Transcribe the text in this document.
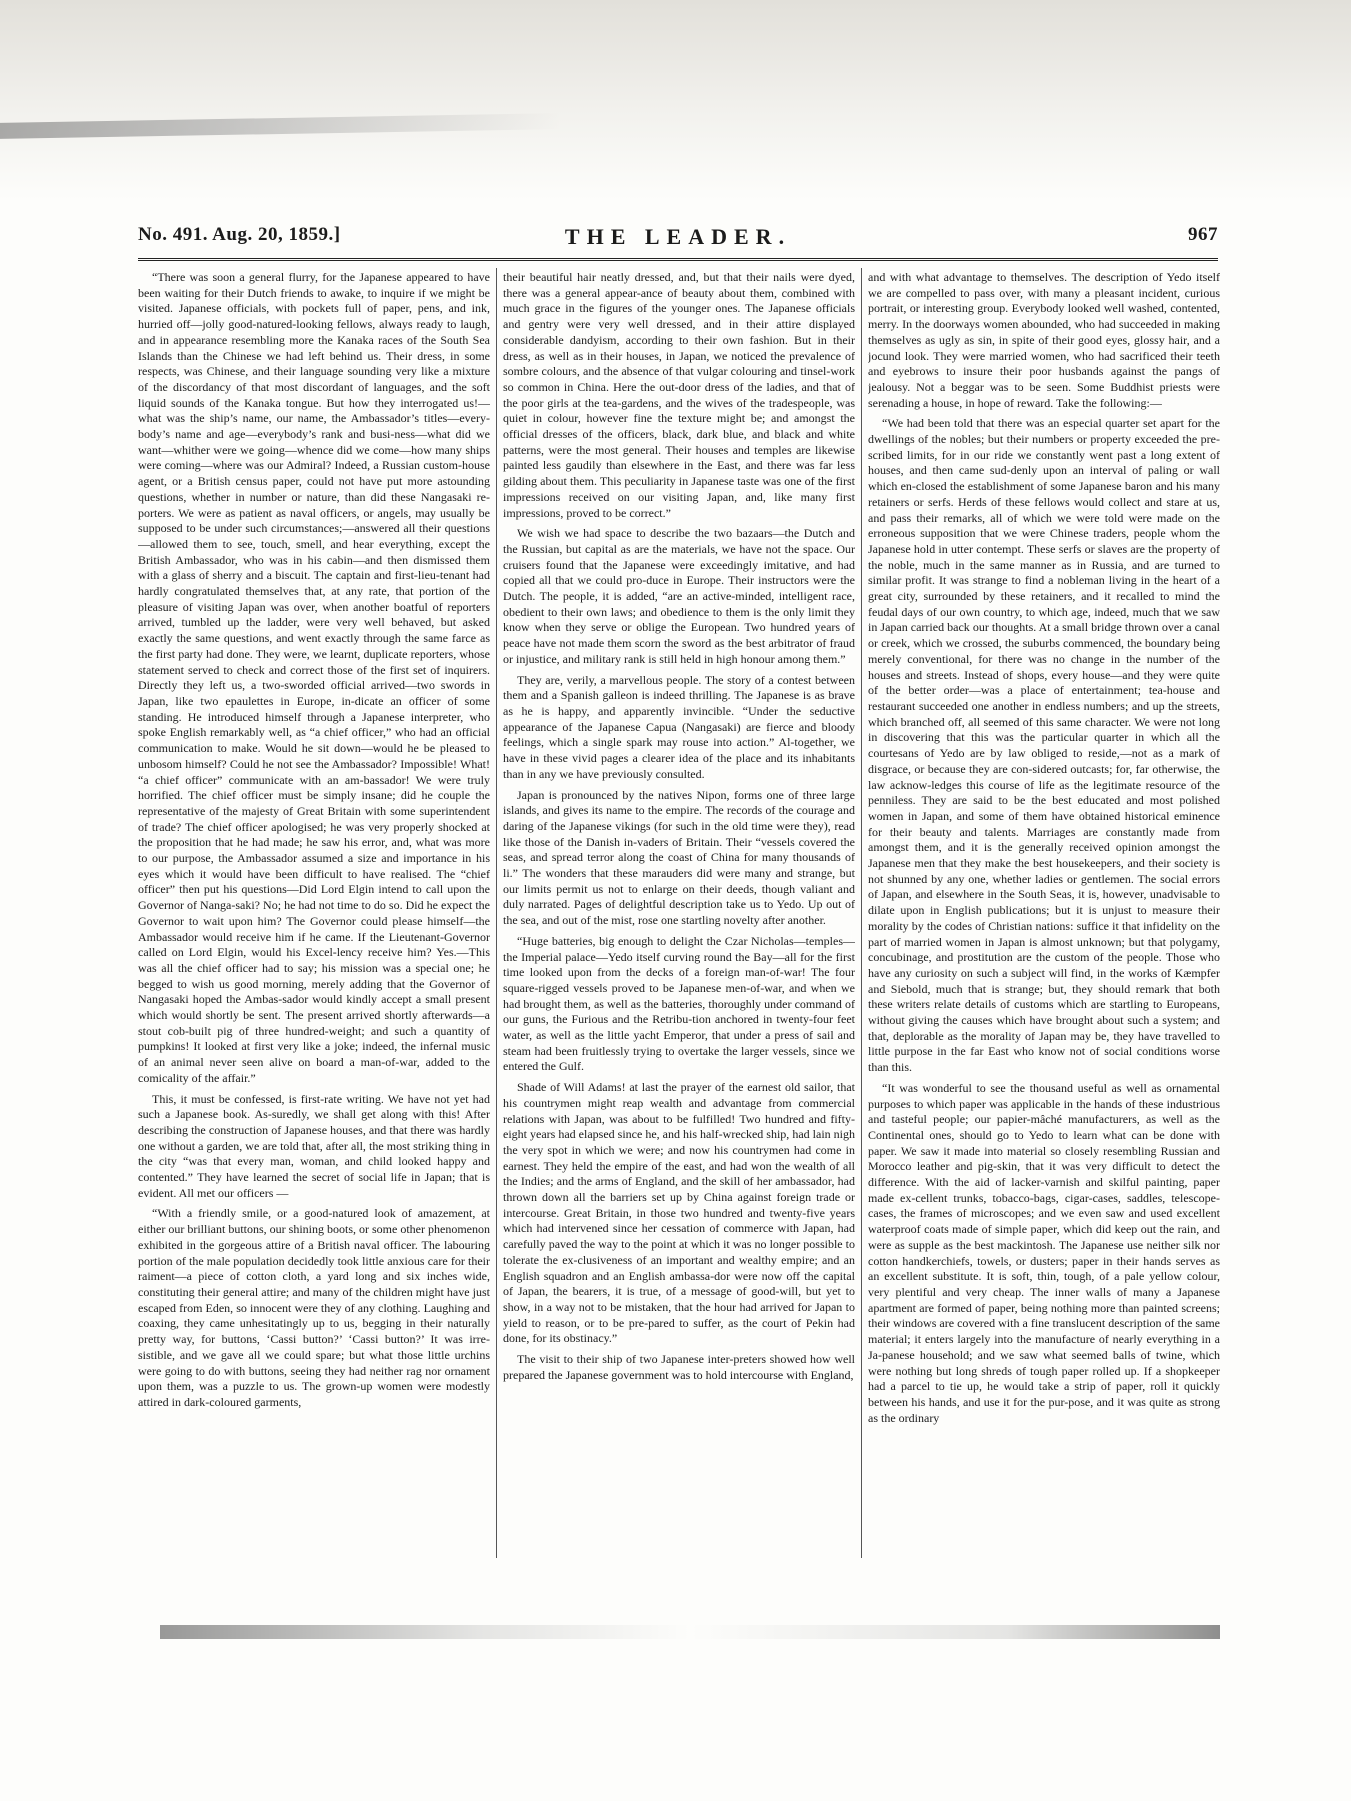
THE LEADER.
No. 491. Aug. 20, 1859.]	967

“There was soon a general flurry, for the Japanese appeared to have been waiting for their Dutch friends to awake, to inquire if we might be visited. Japanese officials, with pockets full of paper, pens, and ink, hurried off—jolly good-natured-looking fellows, always ready to laugh, and in appearance resembling more the Kanaka races of the South Sea Islands than the Chinese we had left behind us. Their dress, in some respects, was Chinese, and their language sounding very like a mixture of the discordancy of that most discordant of languages, and the soft liquid sounds of the Kanaka tongue. But how they interrogated us!—what was the ship’s name, our name, the Ambassador’s titles—every-body’s name and age—everybody’s rank and busi-ness—what did we want—whither were we going—whence did we come—how many ships were coming—where was our Admiral? Indeed, a Russian custom-house agent, or a British census paper, could not have put more astounding questions, whether in number or nature, than did these Nangasaki re-porters. We were as patient as naval officers, or angels, may usually be supposed to be under such circumstances;—answered all their questions—allowed them to see, touch, smell, and hear everything, except the British Ambassador, who was in his cabin—and then dismissed them with a glass of sherry and a biscuit. The captain and first-lieu-tenant had hardly congratulated themselves that, at any rate, that portion of the pleasure of visiting Japan was over, when another boatful of reporters arrived, tumbled up the ladder, were very well behaved, but asked exactly the same questions, and went exactly through the same farce as the first party had done. They were, we learnt, duplicate reporters, whose statement served to check and correct those of the first set of inquirers. Directly they left us, a two-sworded official arrived—two swords in Japan, like two epaulettes in Europe, in-dicate an officer of some standing. He introduced himself through a Japanese interpreter, who spoke English remarkably well, as “a chief officer,” who had an official communication to make. Would he sit down—would he be pleased to unbosom himself? Could he not see the Ambassador? Impossible! What! “a chief officer” communicate with an am-bassador! We were truly horrified. The chief officer must be simply insane; did he couple the representative of the majesty of Great Britain with some superintendent of trade? The chief officer apologised; he was very properly shocked at the proposition that he had made; he saw his error, and, what was more to our purpose, the Ambassador assumed a size and importance in his eyes which it would have been difficult to have realised. The “chief officer” then put his questions—Did Lord Elgin intend to call upon the Governor of Nanga-saki? No; he had not time to do so. Did he expect the Governor to wait upon him? The Governor could please himself—the Ambassador would receive him if he came. If the Lieutenant-Governor called on Lord Elgin, would his Excel-lency receive him? Yes.—This was all the chief officer had to say; his mission was a special one; he begged to wish us good morning, merely adding that the Governor of Nangasaki hoped the Ambas-sador would kindly accept a small present which would shortly be sent. The present arrived shortly afterwards—a stout cob-built pig of three hundred-weight; and such a quantity of pumpkins! It looked at first very like a joke; indeed, the infernal music of an animal never seen alive on board a man-of-war, added to the comicality of the affair.”

This, it must be confessed, is first-rate writing. We have not yet had such a Japanese book. As-suredly, we shall get along with this! After describing the construction of Japanese houses, and that there was hardly one without a garden, we are told that, after all, the most striking thing in the city “was that every man, woman, and child looked happy and contented.” They have learned the secret of social life in Japan; that is evident. All met our officers —

“With a friendly smile, or a good-natured look of amazement, at either our brilliant buttons, our shining boots, or some other phenomenon exhibited in the gorgeous attire of a British naval officer. The labouring portion of the male population decidedly took little anxious care for their raiment—a piece of cotton cloth, a yard long and six inches wide, constituting their general attire; and many of the children might have just escaped from Eden, so innocent were they of any clothing. Laughing and coaxing, they came unhesitatingly up to us, begging in their naturally pretty way, for buttons, ‘Cassi button?’ ‘Cassi button?’ It was irre-sistible, and we gave all we could spare; but what those little urchins were going to do with buttons, seeing they had neither rag nor ornament upon them, was a puzzle to us. The grown-up women were modestly attired in dark-coloured garments,

their beautiful hair neatly dressed, and, but that their nails were dyed, there was a general appear-ance of beauty about them, combined with much grace in the figures of the younger ones. The Japanese officials and gentry were very well dressed, and in their attire displayed considerable dandyism, according to their own fashion. But in their dress, as well as in their houses, in Japan, we noticed the prevalence of sombre colours, and the absence of that vulgar colouring and tinsel-work so common in China. Here the out-door dress of the ladies, and that of the poor girls at the tea-gardens, and the wives of the tradespeople, was quiet in colour, however fine the texture might be; and amongst the official dresses of the officers, black, dark blue, and black and white patterns, were the most general. Their houses and temples are likewise painted less gaudily than elsewhere in the East, and there was far less gilding about them. This peculiarity in Japanese taste was one of the first impressions received on our visiting Japan, and, like many first impressions, proved to be correct.”

We wish we had space to describe the two bazaars—the Dutch and the Russian, but capital as are the materials, we have not the space. Our cruisers found that the Japanese were exceedingly imitative, and had copied all that we could pro-duce in Europe. Their instructors were the Dutch. The people, it is added, “are an active-minded, intelligent race, obedient to their own laws; and obedience to them is the only limit they know when they serve or oblige the European. Two hundred years of peace have not made them scorn the sword as the best arbitrator of fraud or injustice, and military rank is still held in high honour among them.”

They are, verily, a marvellous people. The story of a contest between them and a Spanish galleon is indeed thrilling. The Japanese is as brave as he is happy, and apparently invincible. “Under the seductive appearance of the Japanese Capua (Nangasaki) are fierce and bloody feelings, which a single spark may rouse into action.” Al-together, we have in these vivid pages a clearer idea of the place and its inhabitants than in any we have previously consulted.

Japan is pronounced by the natives Nipon, forms one of three large islands, and gives its name to the empire. The records of the courage and daring of the Japanese vikings (for such in the old time were they), read like those of the Danish in-vaders of Britain. Their “vessels covered the seas, and spread terror along the coast of China for many thousands of li.” The wonders that these marauders did were many and strange, but our limits permit us not to enlarge on their deeds, though valiant and duly narrated. Pages of delightful description take us to Yedo. Up out of the sea, and out of the mist, rose one startling novelty after another.

“Huge batteries, big enough to delight the Czar Nicholas—temples—the Imperial palace—Yedo itself curving round the Bay—all for the first time looked upon from the decks of a foreign man-of-war! The four square-rigged vessels proved to be Japanese men-of-war, and when we had brought them, as well as the batteries, thoroughly under command of our guns, the Furious and the Retribu-tion anchored in twenty-four feet water, as well as the little yacht Emperor, that under a press of sail and steam had been fruitlessly trying to overtake the larger vessels, since we entered the Gulf.

Shade of Will Adams! at last the prayer of the earnest old sailor, that his countrymen might reap wealth and advantage from commercial relations with Japan, was about to be fulfilled! Two hundred and fifty-eight years had elapsed since he, and his half-wrecked ship, had lain nigh the very spot in which we were; and now his countrymen had come in earnest. They held the empire of the east, and had won the wealth of all the Indies; and the arms of England, and the skill of her ambassador, had thrown down all the barriers set up by China against foreign trade or intercourse. Great Britain, in those two hundred and twenty-five years which had intervened since her cessation of commerce with Japan, had carefully paved the way to the point at which it was no longer possible to tolerate the ex-clusiveness of an important and wealthy empire; and an English squadron and an English ambassa-dor were now off the capital of Japan, the bearers, it is true, of a message of good-will, but yet to show, in a way not to be mistaken, that the hour had arrived for Japan to yield to reason, or to be pre-pared to suffer, as the court of Pekin had done, for its obstinacy.”

The visit to their ship of two Japanese inter-preters showed how well prepared the Japanese government was to hold intercourse with England,

and with what advantage to themselves. The description of Yedo itself we are compelled to pass over, with many a pleasant incident, curious portrait, or interesting group. Everybody looked well washed, contented, merry. In the doorways women abounded, who had succeeded in making themselves as ugly as sin, in spite of their good eyes, glossy hair, and a jocund look. They were married women, who had sacrificed their teeth and eyebrows to insure their poor husbands against the pangs of jealousy. Not a beggar was to be seen. Some Buddhist priests were serenading a house, in hope of reward. Take the following:—

“We had been told that there was an especial quarter set apart for the dwellings of the nobles; but their numbers or property exceeded the pre-scribed limits, for in our ride we constantly went past a long extent of houses, and then came sud-denly upon an interval of paling or wall which en-closed the establishment of some Japanese baron and his many retainers or serfs. Herds of these fellows would collect and stare at us, and pass their remarks, all of which we were told were made on the erroneous supposition that we were Chinese traders, people whom the Japanese hold in utter contempt. These serfs or slaves are the property of the noble, much in the same manner as in Russia, and are turned to similar profit. It was strange to find a nobleman living in the heart of a great city, surrounded by these retainers, and it recalled to mind the feudal days of our own country, to which age, indeed, much that we saw in Japan carried back our thoughts. At a small bridge thrown over a canal or creek, which we crossed, the suburbs commenced, the boundary being merely conventional, for there was no change in the number of the houses and streets. Instead of shops, every house—and they were quite of the better order—was a place of entertainment; tea-house and restaurant succeeded one another in endless numbers; and up the streets, which branched off, all seemed of this same character. We were not long in discovering that this was the particular quarter in which all the courtesans of Yedo are by law obliged to reside,—not as a mark of disgrace, or because they are con-sidered outcasts; for, far otherwise, the law acknow-ledges this course of life as the legitimate resource of the penniless. They are said to be the best educated and most polished women in Japan, and some of them have obtained historical eminence for their beauty and talents. Marriages are constantly made from amongst them, and it is the generally received opinion amongst the Japanese men that they make the best housekeepers, and their society is not shunned by any one, whether ladies or gentlemen. The social errors of Japan, and elsewhere in the South Seas, it is, however, unadvisable to dilate upon in English publications; but it is unjust to measure their morality by the codes of Christian nations: suffice it that infidelity on the part of married women in Japan is almost unknown; but that polygamy, concubinage, and prostitution are the custom of the people. Those who have any curiosity on such a subject will find, in the works of Kæmpfer and Siebold, much that is strange; but, they should remark that both these writers relate details of customs which are startling to Europeans, without giving the causes which have brought about such a system; and that, deplorable as the morality of Japan may be, they have travelled to little purpose in the far East who know not of social conditions worse than this.

“It was wonderful to see the thousand useful as well as ornamental purposes to which paper was applicable in the hands of these industrious and tasteful people; our papier-mâché manufacturers, as well as the Continental ones, should go to Yedo to learn what can be done with paper. We saw it made into material so closely resembling Russian and Morocco leather and pig-skin, that it was very difficult to detect the difference. With the aid of lacker-varnish and skilful painting, paper made ex-cellent trunks, tobacco-bags, cigar-cases, saddles, telescope-cases, the frames of microscopes; and we even saw and used excellent waterproof coats made of simple paper, which did keep out the rain, and were as supple as the best mackintosh. The Japanese use neither silk nor cotton handkerchiefs, towels, or dusters; paper in their hands serves as an excellent substitute. It is soft, thin, tough, of a pale yellow colour, very plentiful and very cheap. The inner walls of many a Japanese apartment are formed of paper, being nothing more than painted screens; their windows are covered with a fine translucent description of the same material; it enters largely into the manufacture of nearly everything in a Ja-panese household; and we saw what seemed balls of twine, which were nothing but long shreds of tough paper rolled up. If a shopkeeper had a parcel to tie up, he would take a strip of paper, roll it quickly between his hands, and use it for the pur-pose, and it was quite as strong as the ordinary
